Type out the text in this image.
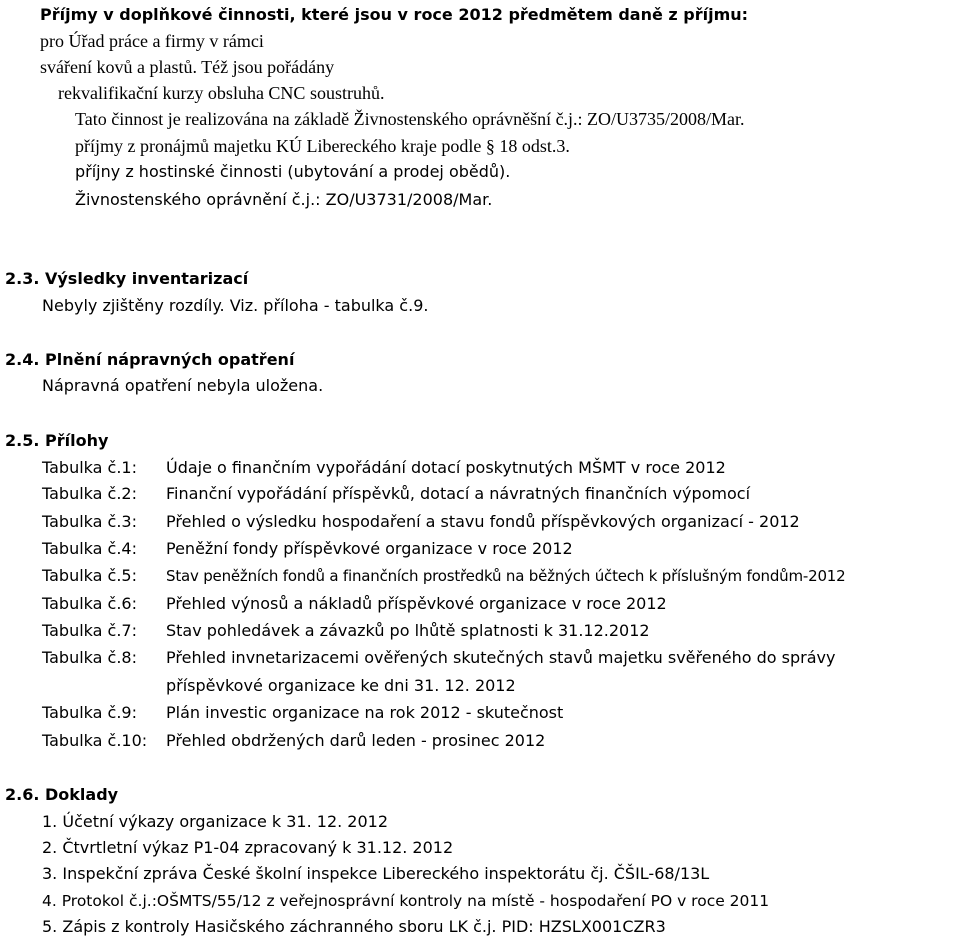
Příjmy v doplňkové činnosti, které jsou v roce 2012 předmětem daně z příjmu:
pro Úřad práce a firmy v rámci
sváření kovů a plastů. Též jsou pořádány
rekvalifikační kurzy obsluha CNC soustruhů.
Tato činnost je realizována na základě Živnostenského oprávněšní č.j.: ZO/U3735/2008/Mar.
příjmy z pronájmů majetku KÚ Libereckého kraje podle § 18 odst.3.
příjny z hostinské činnosti (ubytování a prodej obědů).
Živnostenského oprávnění č.j.: ZO/U3731/2008/Mar.
2.3. Výsledky inventarizací
Nebyly zjištěny rozdíly. Viz. příloha - tabulka č.9.
2.4. Plnění nápravných opatření
Nápravná opatření nebyla uložena.
2.5. Přílohy
Tabulka č.1: Údaje o finančním vypořádání dotací poskytnutých MŠMT v roce 2012
Tabulka č.2: Finanční vypořádání příspěvků, dotací a návratných finančních výpomocí
Tabulka č.3: Přehled o výsledku hospodaření a stavu fondů příspěvkových organizací - 2012
Tabulka č.4: Peněžní fondy příspěvkové organizace v roce 2012
Tabulka č.5: Stav peněžních fondů a finančních prostředků na běžných účtech k příslušným fondům-2012
Tabulka č.6: Přehled výnosů a nákladů příspěvkové organizace v roce 2012
Tabulka č.7: Stav pohledávek a závazků po lhůtě splatnosti k 31.12.2012
Tabulka č.8: Přehled invnetarizacemi ověřených skutečných stavů majetku svěřeného do správy
příspěvkové organizace ke dni 31. 12. 2012
Tabulka č.9: Plán investic organizace na rok 2012 - skutečnost
Tabulka č.10: Přehled obdržených darů leden - prosinec 2012
2.6. Doklady
1. Účetní výkazy organizace k 31. 12. 2012
2. Čtvrtletní výkaz P1-04 zpracovaný k 31.12. 2012
3. Inspekční zpráva České školní inspekce Libereckého inspektorátu čj. ČŠIL-68/13L
4. Protokol č.j.:OŠMTS/55/12 z veřejnosprávní kontroly na místě - hospodaření PO v roce 2011
5. Zápis z kontroly Hasičského záchranného sboru LK č.j. PID: HZSLX001CZR3
